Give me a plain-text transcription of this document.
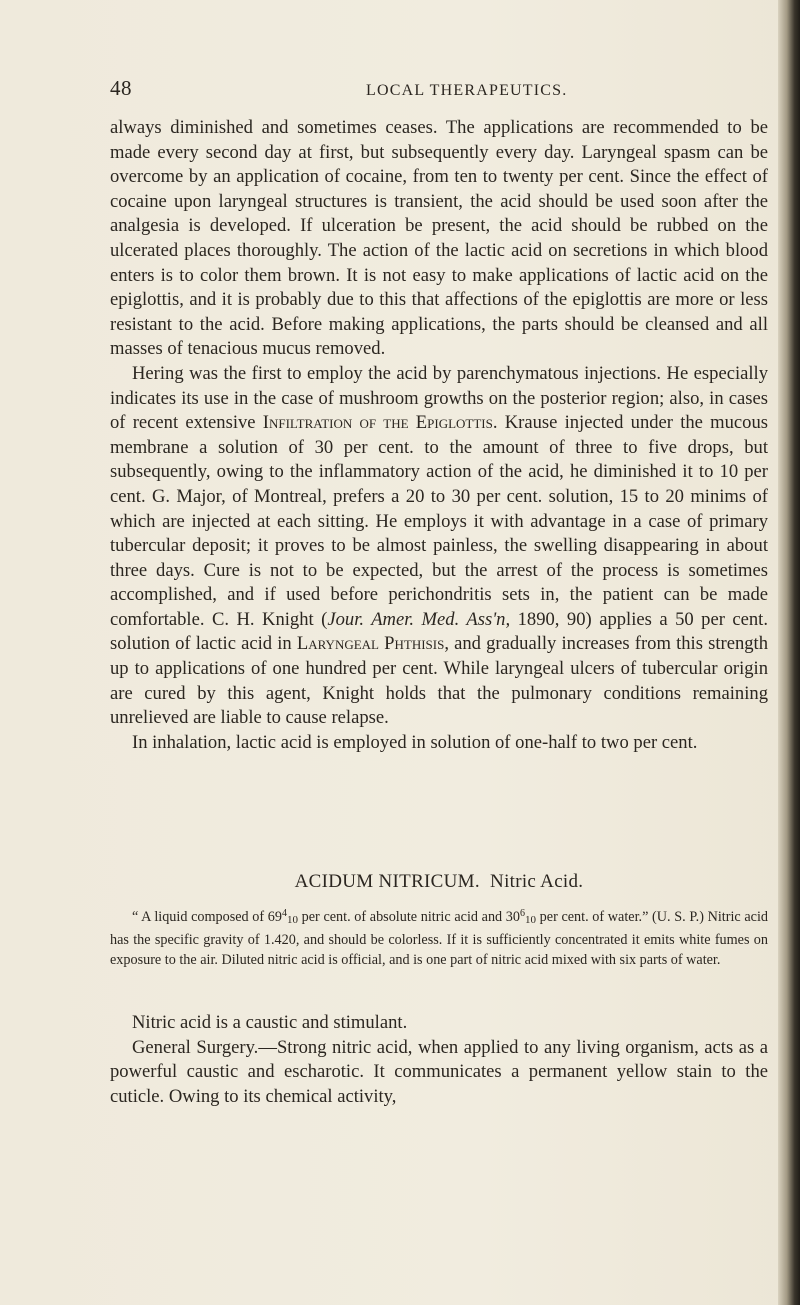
48	LOCAL THERAPEUTICS.

always diminished and sometimes ceases. The applications are recommended to be made every second day at first, but subsequently every day. Laryngeal spasm can be overcome by an application of cocaine, from ten to twenty per cent. Since the effect of cocaine upon laryngeal structures is transient, the acid should be used soon after the analgesia is developed. If ulceration be present, the acid should be rubbed on the ulcerated places thoroughly. The action of the lactic acid on secretions in which blood enters is to color them brown. It is not easy to make applications of lactic acid on the epiglottis, and it is probably due to this that affections of the epiglottis are more or less resistant to the acid. Before making applications, the parts should be cleansed and all masses of tenacious mucus removed.

Hering was the first to employ the acid by parenchymatous injections. He especially indicates its use in the case of mushroom growths on the posterior region; also, in cases of recent extensive Infiltration of the Epiglottis. Krause injected under the mucous membrane a solution of 30 per cent. to the amount of three to five drops, but subsequently, owing to the inflammatory action of the acid, he diminished it to 10 per cent. G. Major, of Montreal, prefers a 20 to 30 per cent. solution, 15 to 20 minims of which are injected at each sitting. He employs it with advantage in a case of primary tubercular deposit; it proves to be almost painless, the swelling disappearing in about three days. Cure is not to be expected, but the arrest of the process is sometimes accomplished, and if used before perichondritis sets in, the patient can be made comfortable. C. H. Knight (Jour. Amer. Med. Ass'n, 1890, 90) applies a 50 per cent. solution of lactic acid in Laryngeal Phthisis, and gradually increases from this strength up to applications of one hundred per cent. While laryngeal ulcers of tubercular origin are cured by this agent, Knight holds that the pulmonary conditions remaining unrelieved are liable to cause relapse.

In inhalation, lactic acid is employed in solution of one-half to two per cent.

ACIDUM NITRICUM. Nitric Acid.
“ A liquid composed of $69^410$ per cent. of absolute nitric acid and $30^610$ per cent. of water.” (U. S. P.) Nitric acid has the specific gravity of 1.420, and should be colorless. If it is sufficiently concentrated it emits white fumes on exposure to the air. Diluted nitric acid is official, and is one part of nitric acid mixed with six parts of water.

Nitric acid is a caustic and stimulant.

General Surgery.—Strong nitric acid, when applied to any living organism, acts as a powerful caustic and escharotic. It communicates a permanent yellow stain to the cuticle. Owing to its chemical activity,
